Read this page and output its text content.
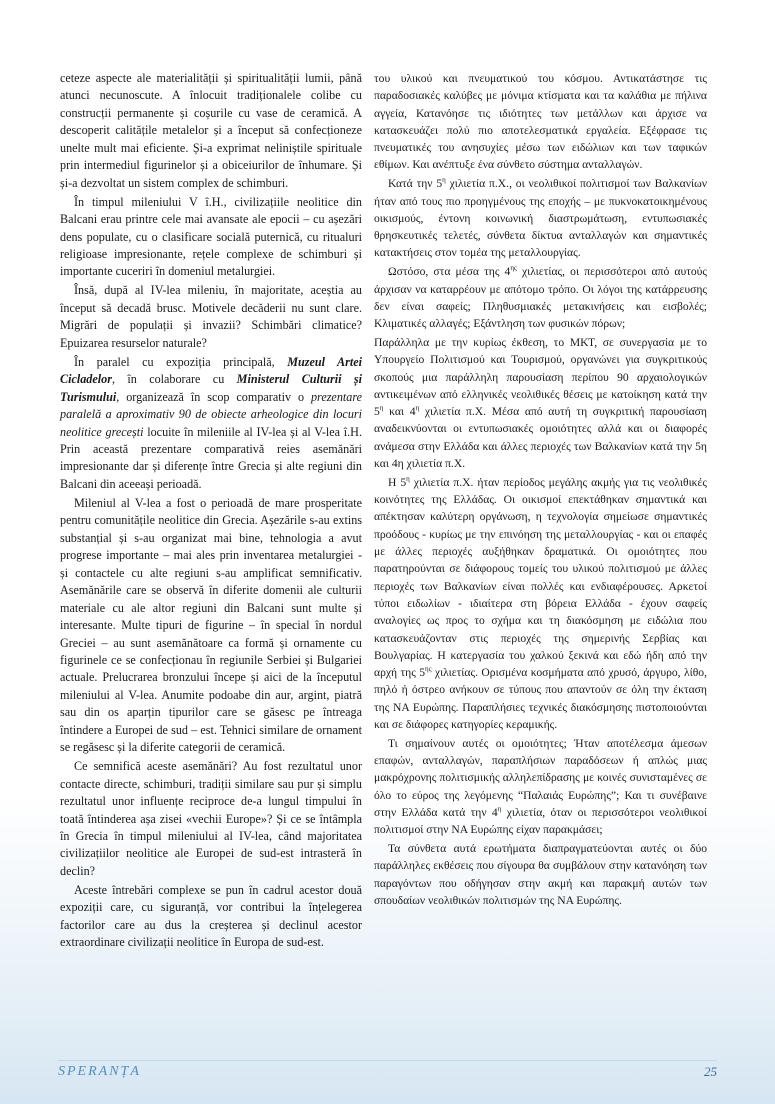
ceteze aspecte ale materialității și spiritualității lumii, până atunci necunoscute. A înlocuit tradiționalele colibe cu construcții permanente și coșurile cu vase de ceramică. A descoperit calitățile metalelor și a început să confecționeze unelte mult mai eficiente. Și-a exprimat neliniștile spirituale prin intermediul figurinelor și a obiceiurilor de înhumare. Și și-a dezvoltat un sistem complex de schimburi.

În timpul mileniului V î.H., civilizațiile neolitice din Balcani erau printre cele mai avansate ale epocii – cu așezări dens populate, cu o clasificare socială puternică, cu ritualuri religioase impresionante, rețele complexe de schimburi și importante cuceriri în domeniul metalurgiei.

Însă, după al IV-lea mileniu, în majoritate, aceștia au început să decadă brusc. Motivele decăderii nu sunt clare. Migrări de populații și invazii? Schimbări climatice? Epuizarea resurselor naturale?

În paralel cu expoziția principală, Muzeul Artei Cicladelor, în colaborare cu Ministerul Culturii și Turismului, organizează în scop comparativ o prezentare paralelă a aproximativ 90 de obiecte arheologice din locuri neolitice grecești locuite în mileniile al IV-lea și al V-lea î.H. Prin această prezentare comparativă reies asemănări impresionante dar și diferențe între Grecia și alte regiuni din Balcani din aceeași perioadă.

Mileniul al V-lea a fost o perioadă de mare prosperitate pentru comunitățile neolitice din Grecia. Așezările s-au extins substanțial și s-au organizat mai bine, tehnologia a avut progrese importante – mai ales prin inventarea metalurgiei - și contactele cu alte regiuni s-au amplificat semnificativ. Asemănările care se observă în diferite domenii ale culturii materiale cu ale altor regiuni din Balcani sunt multe și interesante. Multe tipuri de figurine – în special în nordul Greciei – au sunt asemănătoare ca formă și ornamente cu figurinele ce se confecționau în regiunile Serbiei și Bulgariei actuale. Prelucrarea bronzului începe și aici de la începutul mileniului al V-lea. Anumite podoabe din aur, argint, piatră sau din os aparțin tipurilor care se găsesc pe întreaga întindere a Europei de sud – est. Tehnici similare de ornament se regăsesc și la diferite categorii de ceramică.

Ce semnifică aceste asemănări? Au fost rezultatul unor contacte directe, schimburi, tradiții similare sau pur și simplu rezultatul unor influențe reciproce de-a lungul timpului în toată întinderea așa zisei «vechii Europe»? Și ce se întâmpla în Grecia în timpul mileniului al IV-lea, când majoritatea civilizațiilor neolitice ale Europei de sud-est intrasteră în declin?

Aceste întrebări complexe se pun în cadrul acestor două expoziții care, cu siguranță, vor contribui la înțelegerea factorilor care au dus la creșterea și declinul acestor extraordinare civilizații neolitice în Europa de sud-est.

του υλικού και πνευματικού του κόσμου. Αντικατάστησε τις παραδοσιακές καλύβες με μόνιμα κτίσματα και τα καλάθια με πήλινα αγγεία, Κατανόησε τις ιδιότητες των μετάλλων και άρχισε να κατασκευάζει πολύ πιο αποτελεσματικά εργαλεία. Εξέφρασε τις πνευματικές του ανησυχίες μέσω των ειδώλιων και των ταφικών εθίμων. Και ανέπτυξε ένα σύνθετο σύστημα ανταλλαγών.

Κατά την $5^\eta$ χιλιετία π.Χ., οι νεολιθικοί πολιτισμοί των Βαλκανίων ήταν από τους πιο προηγμένους της εποχής – με πυκνοκατοικημένους οικισμούς, έντονη κοινωνική διαστρωμάτωση, εντυπωσιακές θρησκευτικές τελετές, σύνθετα δίκτυα ανταλλαγών και σημαντικές κατακτήσεις στον τομέα της μεταλλουργίας.

Ωστόσο, στα μέσα της $4^{\eta\varsigma}$ χιλιετίας, οι περισσότεροι από αυτούς άρχισαν να καταρρέουν με απότομο τρόπο. Οι λόγοι της κατάρρευσης δεν είναι σαφείς; Πληθυσμιακές μετακινήσεις και εισβολές; Κλιματικές αλλαγές; Εξάντληση των φυσικών πόρων;

Παράλληλα με την κυρίως έκθεση, το ΜΚΤ, σε συνεργασία με το Υπουργείο Πολιτισμού και Τουρισμού, οργανώνει για συγκριτικούς σκοπούς μια παράλληλη παρουσίαση περίπου 90 αρχαιολογικών αντικειμένων από ελληνικές νεολιθικές θέσεις με κατοίκηση κατά την $5^\eta$ και $4^\eta$ χιλιετία π.Χ. Μέσα από αυτή τη συγκριτική παρουσίαση αναδεικνύονται οι εντυπωσιακές ομοιότητες αλλά και οι διαφορές ανάμεσα στην Ελλάδα και άλλες περιοχές των Βαλκανίων κατά την 5η και 4η χιλιετία π.Χ.

Η $5^\eta$ χιλιετία π.Χ. ήταν περίοδος μεγάλης ακμής για τις νεολιθικές κοινότητες της Ελλάδας. Οι οικισμοί επεκτάθηκαν σημαντικά και απέκτησαν καλύτερη οργάνωση, η τεχνολογία σημείωσε σημαντικές προόδους - κυρίως με την επινόηση της μεταλλουργίας - και οι επαφές με άλλες περιοχές αυξήθηκαν δραματικά. Οι ομοιότητες που παρατηρούνται σε διάφορους τομείς του υλικού πολιτισμού με άλλες περιοχές των Βαλκανίων είναι πολλές και ενδιαφέρουσες. Αρκετοί τύποι ειδωλίων - ιδιαίτερα στη βόρεια Ελλάδα - έχουν σαφείς αναλογίες ως προς το σχήμα και τη διακόσμηση με ειδώλια που κατασκευάζονταν στις περιοχές της σημερινής Σερβίας και Βουλγαρίας. Η κατεργασία του χαλκού ξεκινά και εδώ ήδη από την αρχή της $5^{\eta\varsigma}$ χιλιετίας. Ορισμένα κοσμήματα από χρυσό, άργυρο, λίθο, πηλό ή όστρεο ανήκουν σε τύπους που απαντούν σε όλη την έκταση της ΝΑ Ευρώπης. Παραπλήσιες τεχνικές διακόσμησης πιστοποιούνται και σε διάφορες κατηγορίες κεραμικής.

Τι σημαίνουν αυτές οι ομοιότητες; Ήταν αποτέλεσμα άμεσων επαφών, ανταλλαγών, παραπλήσιων παραδόσεων ή απλώς μιας μακρόχρονης πολιτισμικής αλληλεπίδρασης με κοινές συνισταμένες σε όλο το εύρος της λεγόμενης “Παλαιάς Ευρώπης”; Και τι συνέβαινε στην Ελλάδα κατά την $4^\eta$ χιλιετία, όταν οι περισσότεροι νεολιθικοί πολιτισμοί στην ΝΑ Ευρώπης είχαν παρακμάσει;

Τα σύνθετα αυτά ερωτήματα διαπραγματεύονται αυτές οι δύο παράλληλες εκθέσεις που σίγουρα θα συμβάλουν στην κατανόηση των παραγόντων που οδήγησαν στην ακμή και παρακμή αυτών των σπουδαίων νεολιθικών πολιτισμών της ΝΑ Ευρώπης.

SPERANȚA	25
